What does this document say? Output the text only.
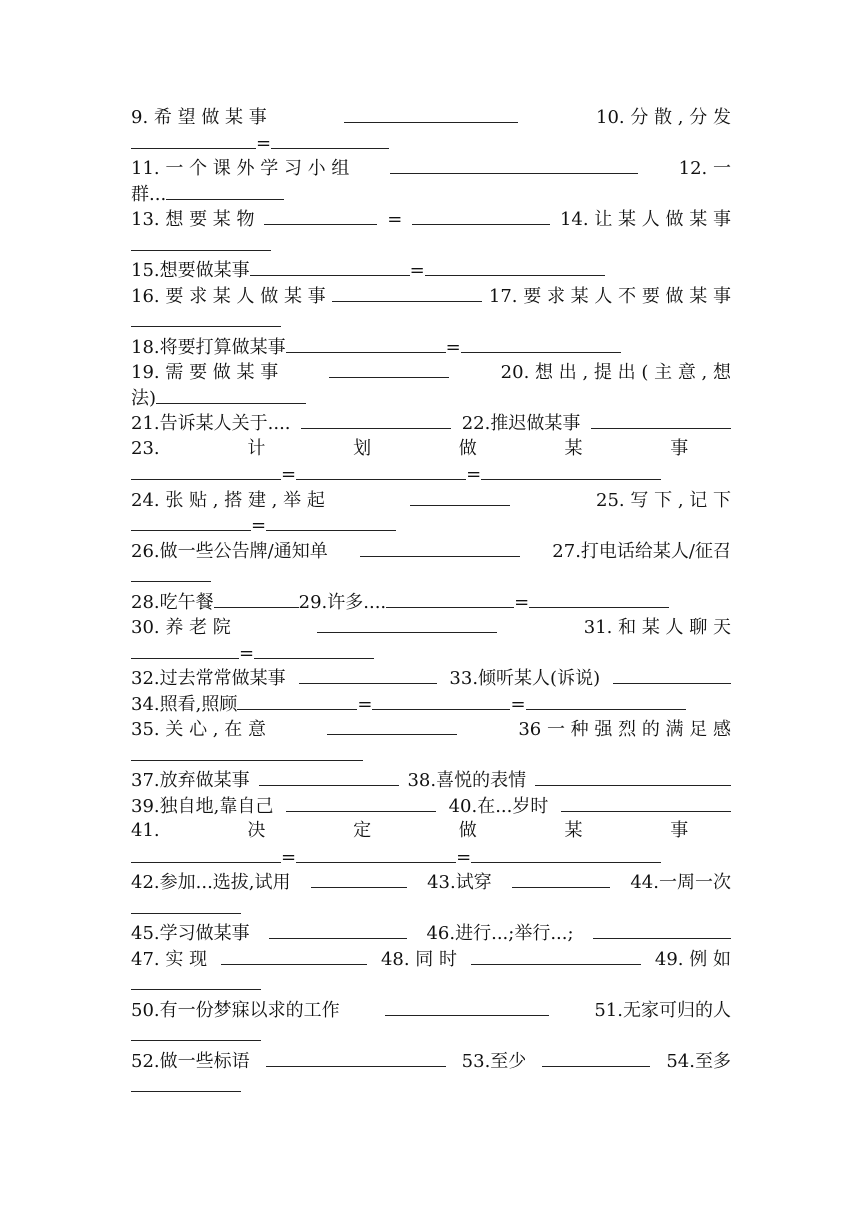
9. 希 望 做 某 事	10. 分 散 , 分 发
=
11. 一 个 课 外 学 习 小 组	12. 一
群...
13. 想 要 某 物	=	14. 让 某 人 做 某 事
15.想要做某事	=
16. 要 求 某 人 做 某 事	17. 要 求 某 人 不 要 做 某 事
18.将要打算做某事	=
19. 需 要 做 某 事	20. 想 出 , 提 出 ( 主 意 , 想
法)
21.告诉某人关于....	22.推迟做某事
23. 计 划 做 某 事
=	=
24. 张 贴 , 搭 建 , 举 起	25. 写 下 , 记 下
=
26.做一些公告牌/通知单	27.打电话给某人/征召
28.吃午餐	29.许多....	=
30. 养 老 院	31. 和 某 人 聊 天
=
32.过去常常做某事	33.倾听某人(诉说)
34.照看,照顾	=	=
35. 关 心 , 在 意	36 一 种 强 烈 的 满 足 感
37.放弃做某事	38.喜悦的表情
39.独自地,靠自己	40.在...岁时
41. 决 定 做 某 事
=	=
42.参加...选拔,试用	43.试穿	44.一周一次
45.学习做某事	46.进行...;举行...;
47. 实 现	48. 同 时	49. 例 如
50.有一份梦寐以求的工作	51.无家可归的人
52.做一些标语	53.至少	54.至多
